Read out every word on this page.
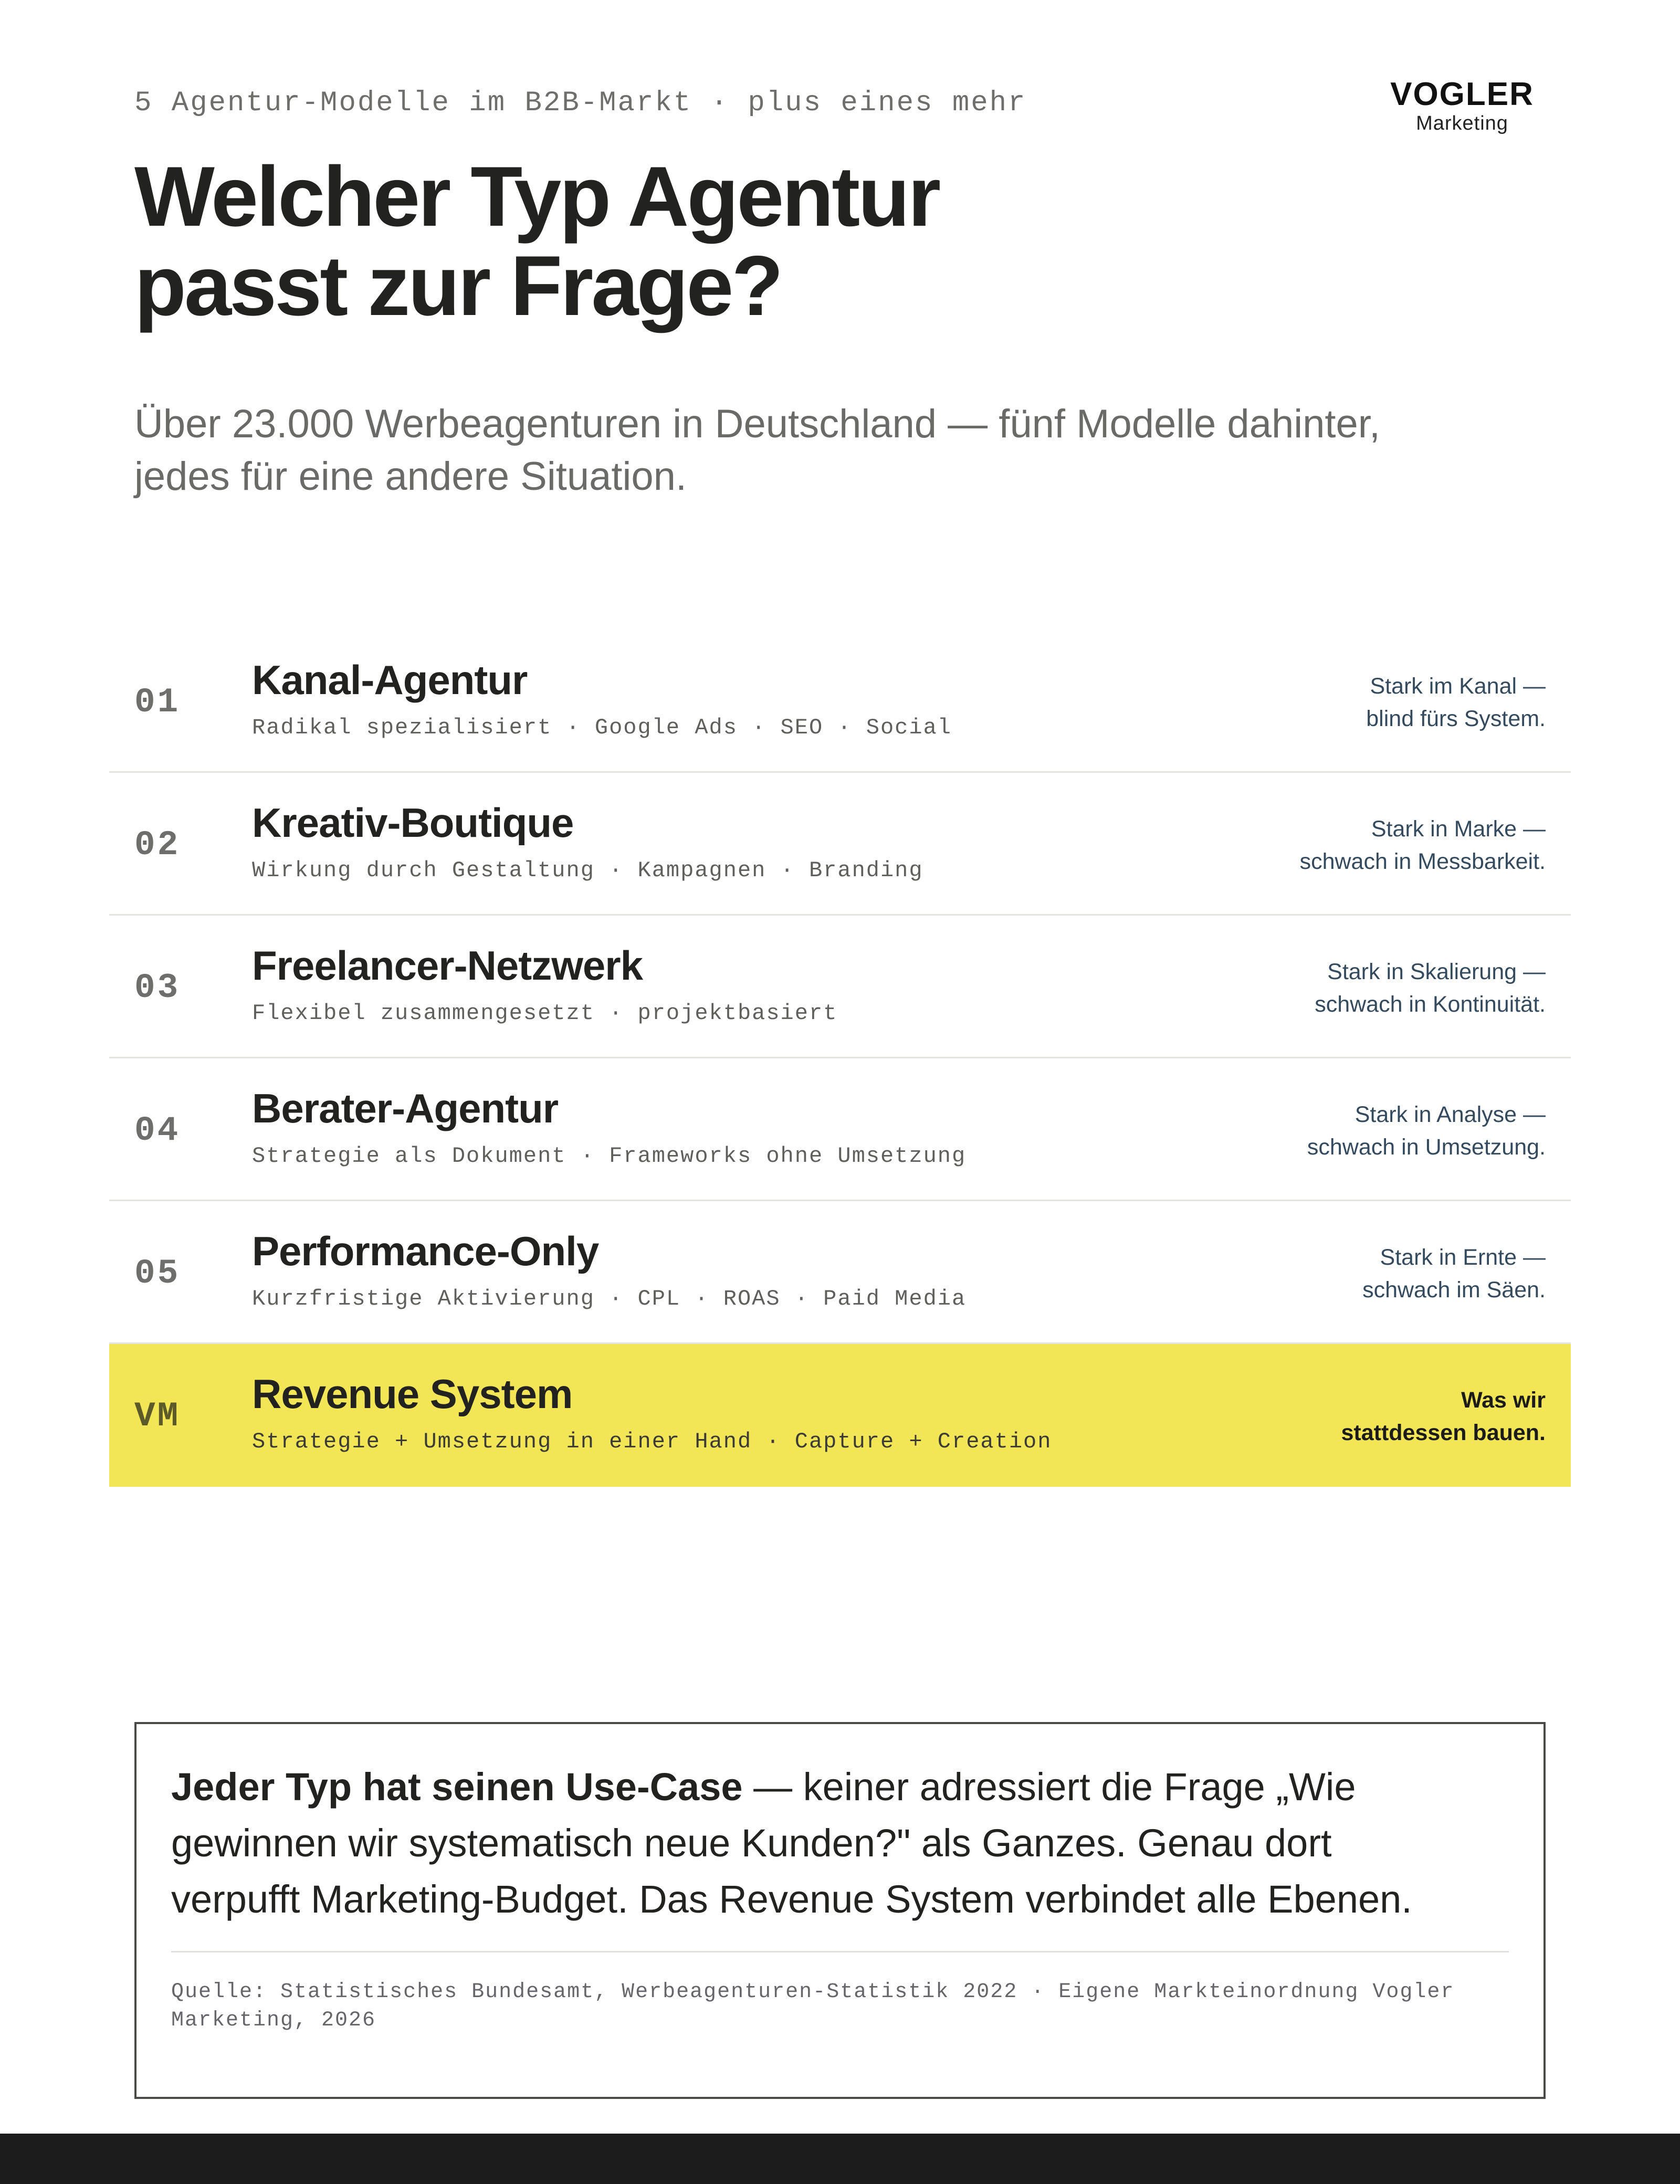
5 Agentur-Modelle im B2B-Markt · plus eines mehr	VOGLER
Marketing
Welcher Typ Agentur
passt zur Frage?

Über 23.000 Werbeagenturen in Deutschland — fünf Modelle dahinter,
jedes für eine andere Situation.

01 Kanal-Agentur
Radikal spezialisiert · Google Ads · SEO · Social
Stark im Kanal —
blind fürs System.
02 Kreativ-Boutique
Wirkung durch Gestaltung · Kampagnen · Branding
Stark in Marke —
schwach in Messbarkeit.
03 Freelancer-Netzwerk
Flexibel zusammengesetzt · projektbasiert
Stark in Skalierung —
schwach in Kontinuität.
04 Berater-Agentur
Strategie als Dokument · Frameworks ohne Umsetzung
Stark in Analyse —
schwach in Umsetzung.
05 Performance-Only
Kurzfristige Aktivierung · CPL · ROAS · Paid Media
Stark in Ernte —
schwach im Säen.
VM Revenue System
Strategie + Umsetzung in einer Hand · Capture + Creation
Was wir
stattdessen bauen.

Jeder Typ hat seinen Use-Case — keiner adressiert die Frage „Wie
gewinnen wir systematisch neue Kunden?" als Ganzes. Genau dort
verpufft Marketing-Budget. Das Revenue System verbindet alle Ebenen.

Quelle: Statistisches Bundesamt, Werbeagenturen-Statistik 2022 · Eigene Markteinordnung Vogler
Marketing, 2026
